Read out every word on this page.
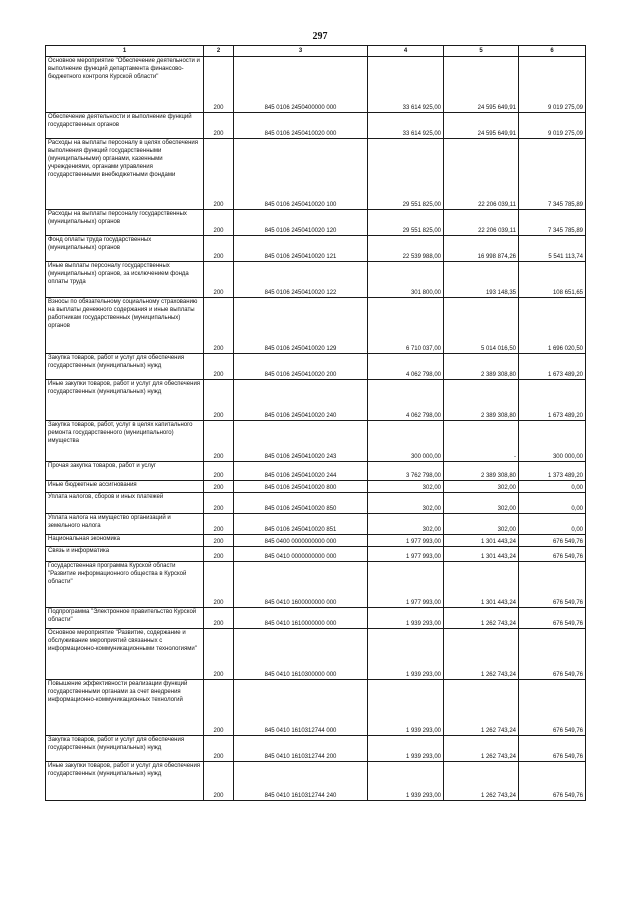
297
1	2	3	4	5	6
Основное мероприятие "Обеспечение деятельности и выполнение функций департамента финансово-бюджетного контроля Курской области"	200	845 0106 2450400000 000	33 614 925,00	24 595 649,91	9 019 275,09
Обеспечение деятельности и выполнение функций государственных органов	200	845 0106 2450410020 000	33 614 925,00	24 595 649,91	9 019 275,09
Расходы на выплаты персоналу в целях обеспечения выполнения функций государственными (муниципальными) органами, казенными учреждениями, органами управления государственными внебюджетными фондами	200	845 0106 2450410020 100	29 551 825,00	22 206 039,11	7 345 785,89
Расходы на выплаты персоналу государственных (муниципальных) органов	200	845 0106 2450410020 120	29 551 825,00	22 206 039,11	7 345 785,89
Фонд оплаты труда государственных (муниципальных) органов	200	845 0106 2450410020 121	22 539 988,00	16 998 874,26	5 541 113,74
Иные выплаты персоналу государственных (муниципальных) органов, за исключением фонда оплаты труда	200	845 0106 2450410020 122	301 800,00	193 148,35	108 651,65
Взносы по обязательному социальному страхованию на выплаты денежного содержания и иные выплаты работникам государственных (муниципальных) органов	200	845 0106 2450410020 129	6 710 037,00	5 014 016,50	1 696 020,50
Закупка товаров, работ и услуг для обеспечения государственных (муниципальных) нужд	200	845 0106 2450410020 200	4 062 798,00	2 389 308,80	1 673 489,20
Иные закупки товаров, работ и услуг для обеспечения государственных (муниципальных) нужд	200	845 0106 2450410020 240	4 062 798,00	2 389 308,80	1 673 489,20
Закупка товаров, работ, услуг в целях капитального ремонта государственного (муниципального) имущества	200	845 0106 2450410020 243	300 000,00	-	300 000,00
Прочая закупка товаров, работ и услуг	200	845 0106 2450410020 244	3 762 798,00	2 389 308,80	1 373 489,20
Иные бюджетные ассигнования	200	845 0106 2450410020 800	302,00	302,00	0,00
Уплата налогов, сборов и иных платежей	200	845 0106 2450410020 850	302,00	302,00	0,00
Уплата налога на имущество организаций и земельного налога	200	845 0106 2450410020 851	302,00	302,00	0,00
Национальная экономика	200	845 0400 0000000000 000	1 977 993,00	1 301 443,24	676 549,76
Связь и информатика	200	845 0410 0000000000 000	1 977 993,00	1 301 443,24	676 549,76
Государственная программа Курской области "Развитие информационного общества в Курской области"	200	845 0410 1600000000 000	1 977 993,00	1 301 443,24	676 549,76
Подпрограмма "Электронное правительство Курской области"	200	845 0410 1610000000 000	1 939 293,00	1 262 743,24	676 549,76
Основное мероприятие "Развитие, содержание и обслуживание мероприятий связанных с информационно-коммуникационными технологиями"	200	845 0410 1610300000 000	1 939 293,00	1 262 743,24	676 549,76
Повышение эффективности реализации функций государственными органами за счет внедрения информационно-коммуникационных технологий	200	845 0410 1610312744 000	1 939 293,00	1 262 743,24	676 549,76
Закупка товаров, работ и услуг для обеспечения государственных (муниципальных) нужд	200	845 0410 1610312744 200	1 939 293,00	1 262 743,24	676 549,76
Иные закупки товаров, работ и услуг для обеспечения государственных (муниципальных) нужд	200	845 0410 1610312744 240	1 939 293,00	1 262 743,24	676 549,76
